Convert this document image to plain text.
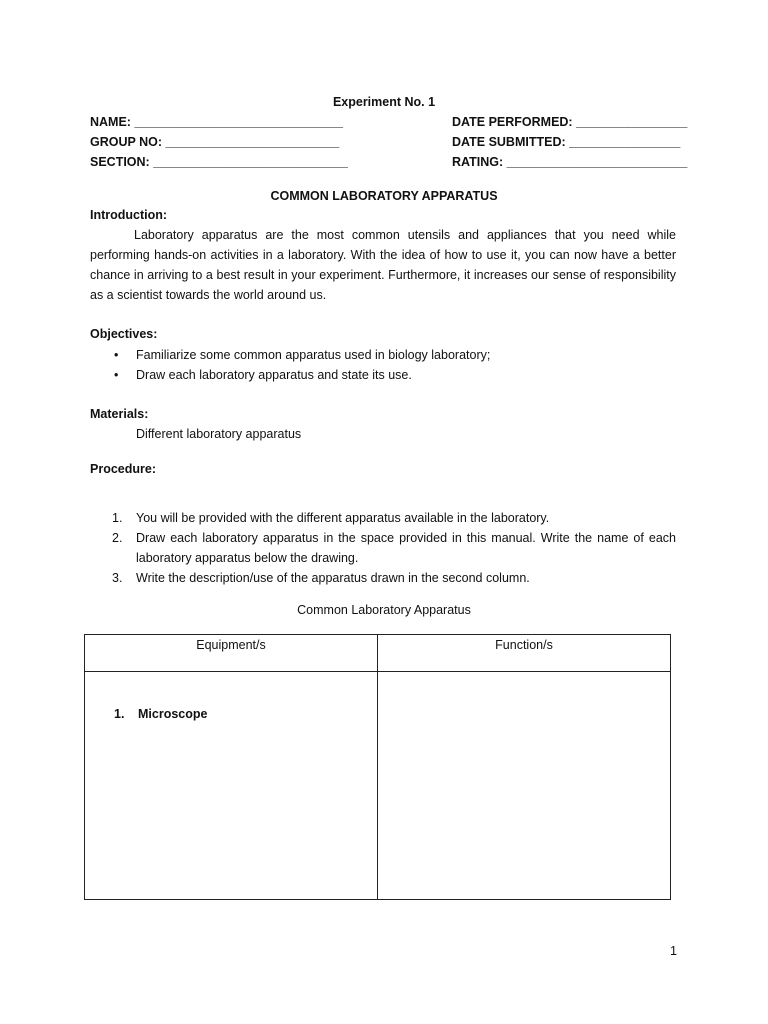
Experiment No. 1
NAME: ______________________________
GROUP NO: _________________________
SECTION: ____________________________
DATE PERFORMED: ________________
DATE SUBMITTED: ________________
RATING: __________________________
COMMON LABORATORY APPARATUS
Introduction:
Laboratory apparatus are the most common utensils and appliances that you need while performing hands-on activities in a laboratory. With the idea of how to use it, you can now have a better chance in arriving to a best result in your experiment. Furthermore, it increases our sense of responsibility as a scientist towards the world around us.
Objectives:
• Familiarize some common apparatus used in biology laboratory;
• Draw each laboratory apparatus and state its use.
Materials:
Different laboratory apparatus
Procedure:
1. You will be provided with the different apparatus available in the laboratory.
2. Draw each laboratory apparatus in the space provided in this manual. Write the name of each laboratory apparatus below the drawing.
3. Write the description/use of the apparatus drawn in the second column.
Common Laboratory Apparatus
Equipment/s	Function/s

1. Microscope	

1
